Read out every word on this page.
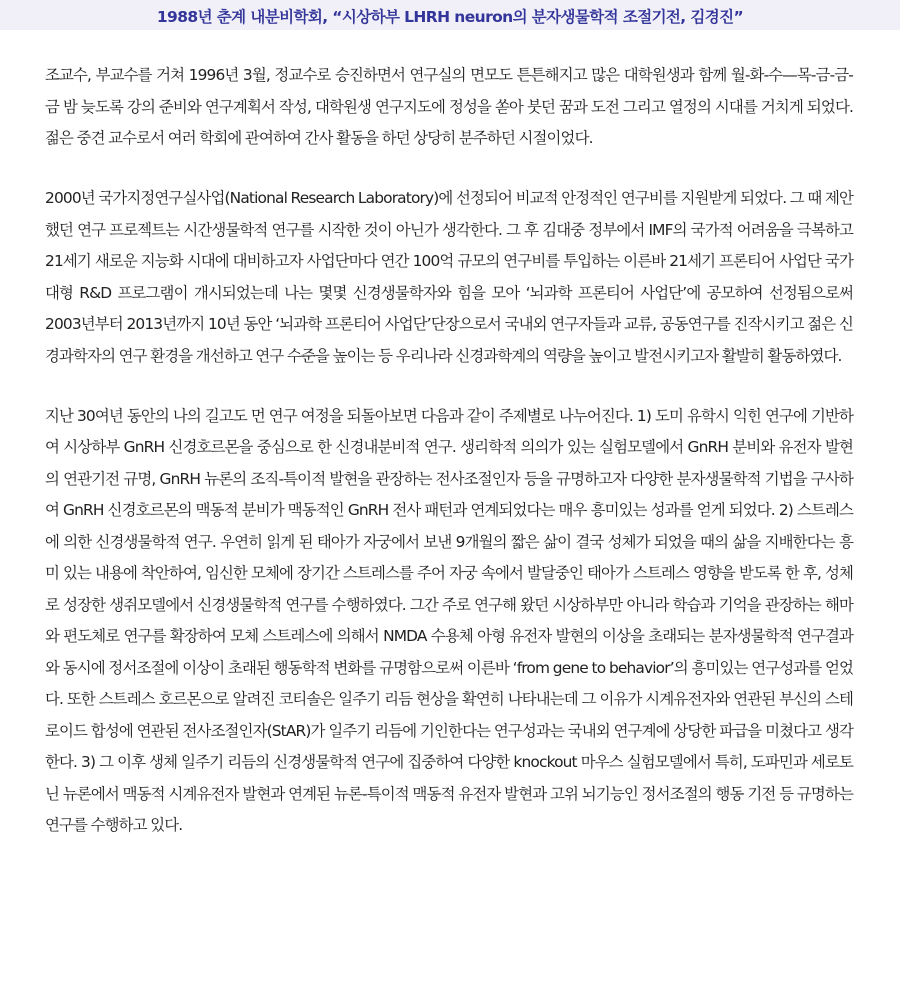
1988년 춘계 내분비학회, “시상하부 LHRH neuron의 분자생물학적 조절기전, 김경진”

조교수, 부교수를 거쳐 1996년 3월, 정교수로 승진하면서 연구실의 면모도 튼튼해지고 많은 대학원생과 함께 월-화-수—목-금-금-금 밤 늦도록 강의 준비와 연구계획서 작성, 대학원생 연구지도에 정성을 쏟아 붓던 꿈과 도전 그리고 열정의 시대를 거치게 되었다. 젊은 중견 교수로서 여러 학회에 관여하여 간사 활동을 하던 상당히 분주하던 시절이었다.

2000년 국가지정연구실사업(National Research Laboratory)에 선정되어 비교적 안정적인 연구비를 지원받게 되었다. 그 때 제안했던 연구 프로젝트는 시간생물학적 연구를 시작한 것이 아닌가 생각한다. 그 후 김대중 정부에서 IMF의 국가적 어려움을 극복하고 21세기 새로운 지능화 시대에 대비하고자 사업단마다 연간 100억 규모의 연구비를 투입하는 이른바 21세기 프론티어 사업단 국가대형 R&D 프로그램이 개시되었는데 나는 몇몇 신경생물학자와 힘을 모아 ‘뇌과학 프론티어 사업단’에 공모하여 선정됨으로써 2003년부터 2013년까지 10년 동안 ‘뇌과학 프론티어 사업단’단장으로서 국내외 연구자들과 교류, 공동연구를 진작시키고 젊은 신경과학자의 연구 환경을 개선하고 연구 수준을 높이는 등 우리나라 신경과학계의 역량을 높이고 발전시키고자 활발히 활동하였다.

지난 30여년 동안의 나의 길고도 먼 연구 여정을 되돌아보면 다음과 같이 주제별로 나누어진다. 1) 도미 유학시 익힌 연구에 기반하여 시상하부 GnRH 신경호르몬을 중심으로 한 신경내분비적 연구. 생리학적 의의가 있는 실험모델에서 GnRH 분비와 유전자 발현의 연관기전 규명, GnRH 뉴론의 조직-특이적 발현을 관장하는 전사조절인자 등을 규명하고자 다양한 분자생물학적 기법을 구사하여 GnRH 신경호르몬의 맥동적 분비가 맥동적인 GnRH 전사 패턴과 연계되었다는 매우 흥미있는 성과를 얻게 되었다. 2) 스트레스에 의한 신경생물학적 연구. 우연히 읽게 된 태아가 자궁에서 보낸 9개월의 짧은 삶이 결국 성체가 되었을 때의 삶을 지배한다는 흥미 있는 내용에 착안하여, 임신한 모체에 장기간 스트레스를 주어 자궁 속에서 발달중인 태아가 스트레스 영향을 받도록 한 후, 성체로 성장한 생쥐모델에서 신경생물학적 연구를 수행하였다. 그간 주로 연구해 왔던 시상하부만 아니라 학습과 기억을 관장하는 해마와 편도체로 연구를 확장하여 모체 스트레스에 의해서 NMDA 수용체 아형 유전자 발현의 이상을 초래되는 분자생물학적 연구결과와 동시에 정서조절에 이상이 초래된 행동학적 변화를 규명함으로써 이른바 ‘from gene to behavior’의 흥미있는 연구성과를 얻었다. 또한 스트레스 호르몬으로 알려진 코티솔은 일주기 리듬 현상을 확연히 나타내는데 그 이유가 시계유전자와 연관된 부신의 스테로이드 합성에 연관된 전사조절인자(StAR)가 일주기 리듬에 기인한다는 연구성과는 국내외 연구계에 상당한 파급을 미쳤다고 생각한다. 3) 그 이후 생체 일주기 리듬의 신경생물학적 연구에 집중하여 다양한 knockout 마우스 실험모델에서 특히, 도파민과 세로토닌 뉴론에서 맥동적 시계유전자 발현과 연계된 뉴론-특이적 맥동적 유전자 발현과 고위 뇌기능인 정서조절의 행동 기전 등 규명하는 연구를 수행하고 있다.
